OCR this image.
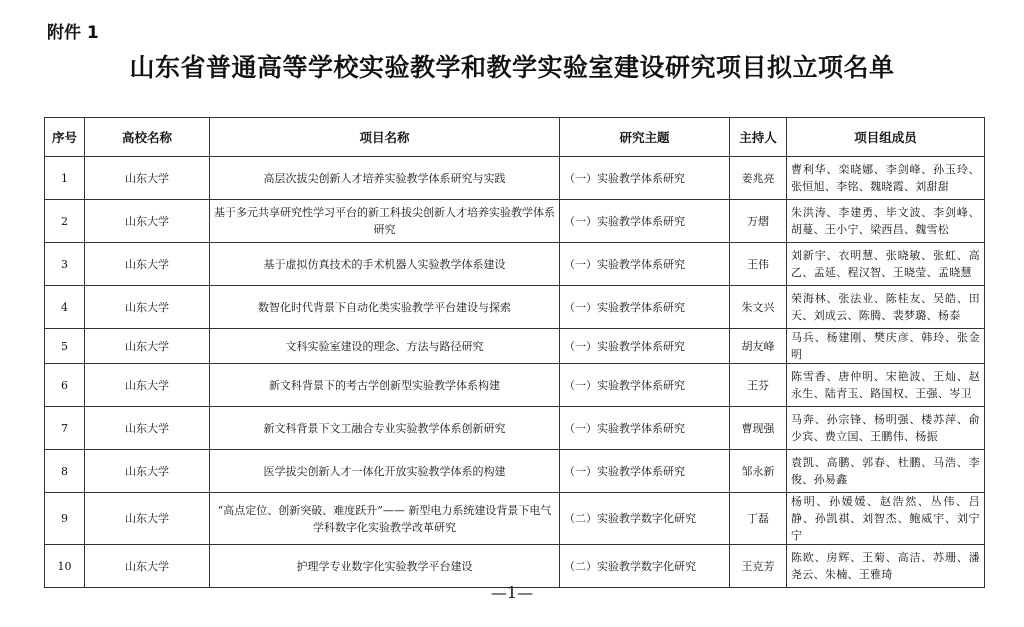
附件 1
山东省普通高等学校实验教学和教学实验室建设研究项目拟立项名单
序号	高校名称	项目名称	研究主题	主持人	项目组成员
1	山东大学	高层次拔尖创新人才培养实验教学体系研究与实践	（一）实验教学体系研究	姜兆亮	曹利华、栾晓娜、李剑峰、孙玉玲、张恒旭、李铭、魏晓霞、刘甜甜
2	山东大学	基于多元共享研究性学习平台的新工科拔尖创新人才培养实验教学体系研究	（一）实验教学体系研究	万熠	朱洪涛、李建勇、毕文波、李剑峰、胡蔓、王小宁、梁西昌、魏雪松
3	山东大学	基于虚拟仿真技术的手术机器人实验教学体系建设	（一）实验教学体系研究	王伟	刘新宇、衣明慧、张晓敏、张虹、高乙、孟延、程汉智、王晓莹、孟晓慧
4	山东大学	数智化时代背景下自动化类实验教学平台建设与探索	（一）实验教学体系研究	朱文兴	荣海林、张法业、陈桂友、吴皓、田天、刘成云、陈腾、裴梦璐、杨泰
5	山东大学	文科实验室建设的理念、方法与路径研究	（一）实验教学体系研究	胡友峰	马兵、杨建刚、樊庆彦、韩玲、张金明
6	山东大学	新文科背景下的考古学创新型实验教学体系构建	（一）实验教学体系研究	王芬	陈雪香、唐仲明、宋艳波、王灿、赵永生、陆青玉、路国权、王强、岑卫
7	山东大学	新文科背景下文工融合专业实验教学体系创新研究	（一）实验教学体系研究	曹现强	马奔、孙宗锋、杨明强、楼苏萍、俞少宾、费立国、王鹏伟、杨振
8	山东大学	医学拔尖创新人才一体化开放实验教学体系的构建	（一）实验教学体系研究	邹永新	袁凯、高鹏、郭春、杜鹏、马浩、李俊、孙易鑫
9	山东大学	“高点定位、创新突破、难度跃升”—— 新型电力系统建设背景下电气学科数字化实验教学改革研究	（二）实验教学数字化研究	丁磊	杨明、孙媛媛、赵浩然、丛伟、吕静、孙凯祺、刘智杰、鲍威宇、刘宁宁
10	山东大学	护理学专业数字化实验教学平台建设	（二）实验教学数字化研究	王克芳	陈欧、房辉、王菊、高洁、苏珊、潘尧云、朱楠、王雅琦
—1—
